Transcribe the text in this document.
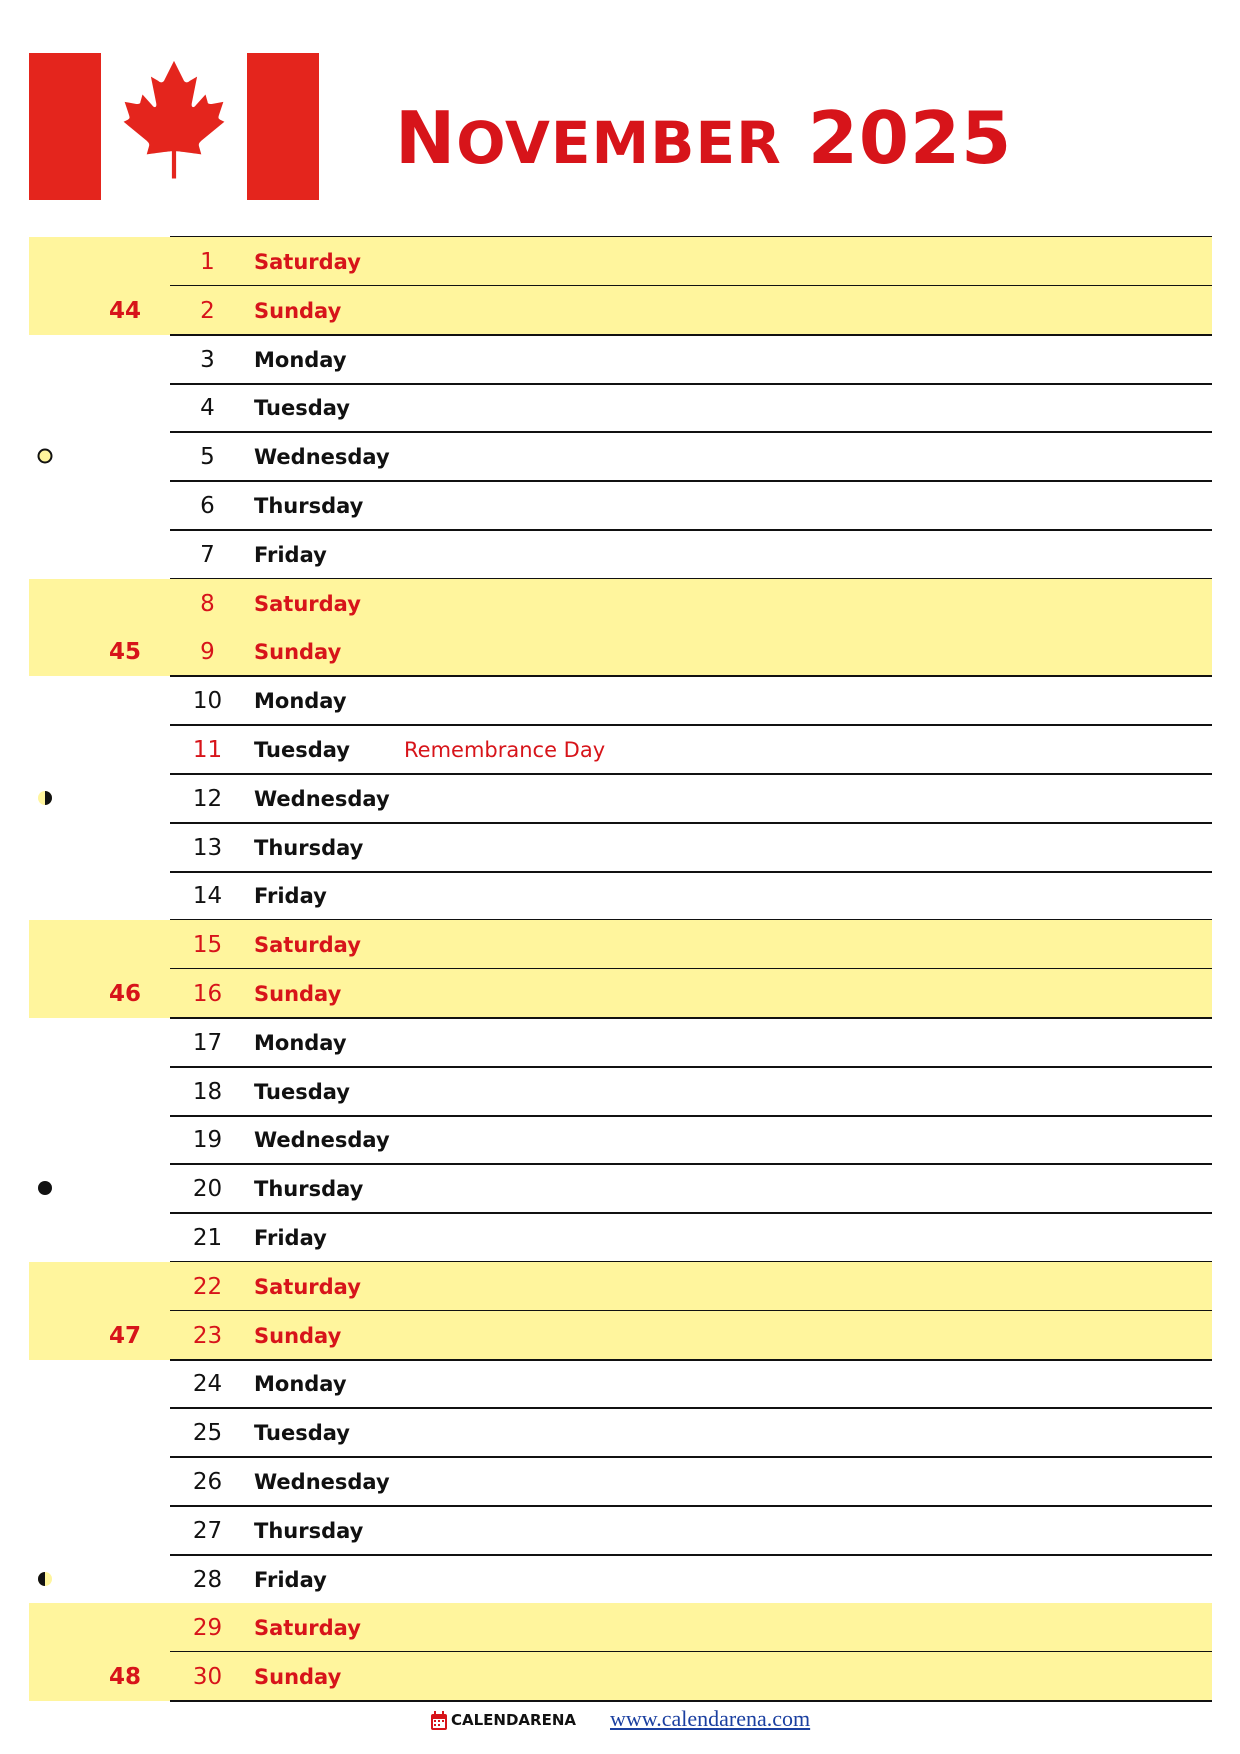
NOVEMBER 2025
1	Saturday
2	Sunday
44
3	Monday
4	Tuesday
5	Wednesday
6	Thursday
7	Friday
8	Saturday
9	Sunday
45
10	Monday
11	Tuesday	Remembrance Day
12	Wednesday
13	Thursday
14	Friday
15	Saturday
16	Sunday
46
17	Monday
18	Tuesday
19	Wednesday
20	Thursday
21	Friday
22	Saturday
23	Sunday
47
24	Monday
25	Tuesday
26	Wednesday
27	Thursday
28	Friday
29	Saturday
30	Sunday
48
CALENDARENA www.calendarena.com
